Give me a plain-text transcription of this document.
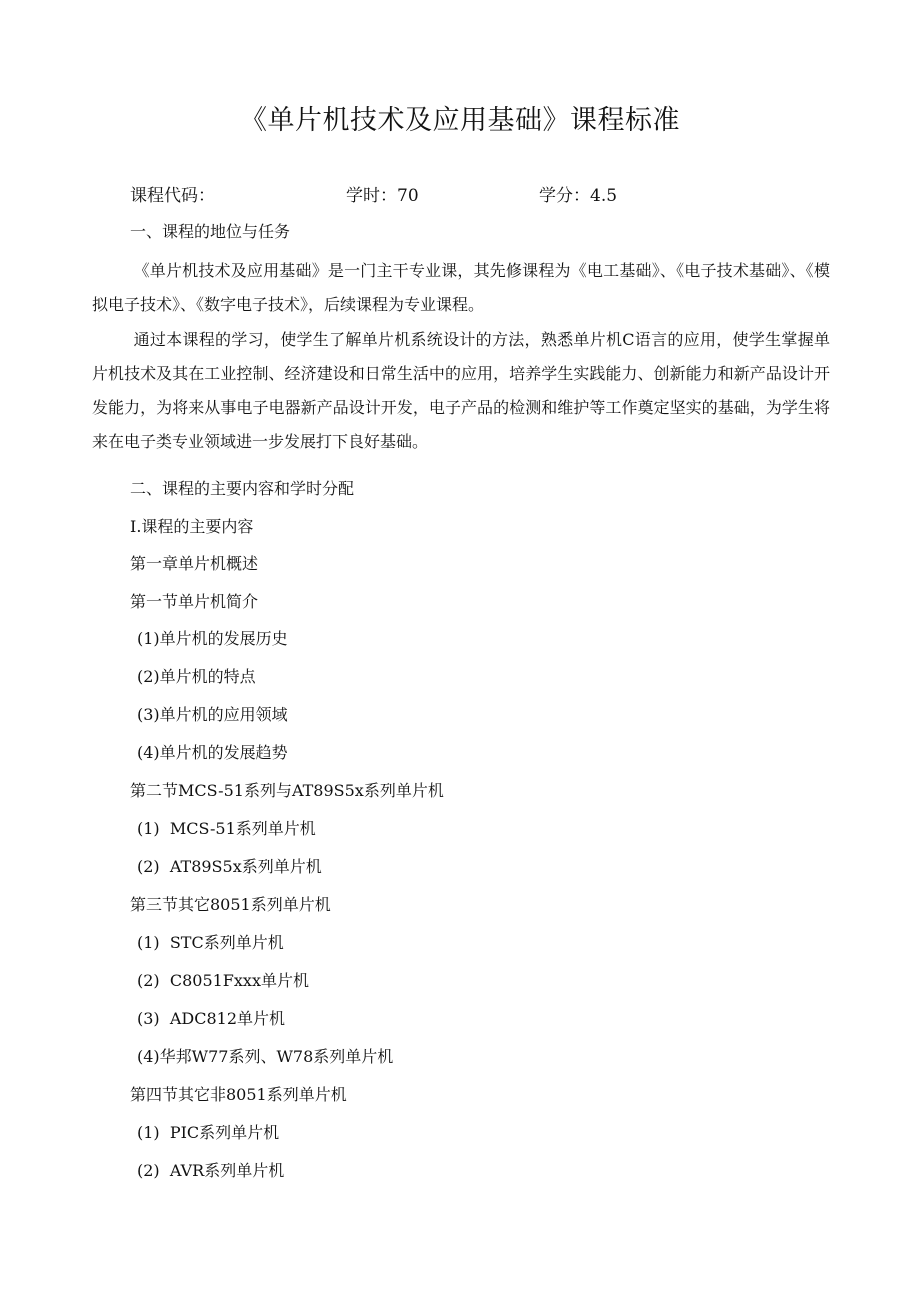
《单片机技术及应用基础》课程标准
课程代码：	学时：70	学分：4.5
一、课程的地位与任务

《单片机技术及应用基础》是一门主干专业课，其先修课程为《电工基础》、《电子技术基础》、《模拟电子技术》、《数字电子技术》，后续课程为专业课程。

通过本课程的学习，使学生了解单片机系统设计的方法，熟悉单片机C语言的应用，使学生掌握单片机技术及其在工业控制、经济建设和日常生活中的应用，培养学生实践能力、创新能力和新产品设计开发能力，为将来从事电子电器新产品设计开发，电子产品的检测和维护等工作奠定坚实的基础，为学生将来在电子类专业领域进一步发展打下良好基础。

二、课程的主要内容和学时分配
I.课程的主要内容
第一章单片机概述
第一节单片机简介
(1)单片机的发展历史
(2)单片机的特点
(3)单片机的应用领域
(4)单片机的发展趋势
第二节MCS-51系列与AT89S5x系列单片机
(1)  MCS-51系列单片机
(2)  AT89S5x系列单片机
第三节其它8051系列单片机
(1)  STC系列单片机
(2)  C8051Fxxx单片机
(3)  ADC812单片机
(4)华邦W77系列、W78系列单片机
第四节其它非8051系列单片机
(1)  PIC系列单片机
(2)  AVR系列单片机
